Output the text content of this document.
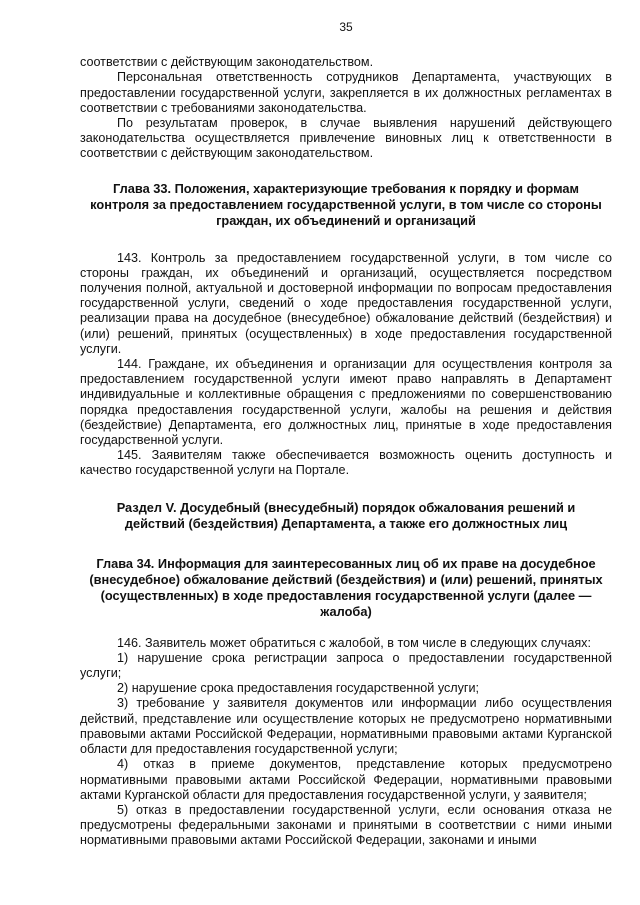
35

соответствии с действующим законодательством.

Персональная ответственность сотрудников Департамента, участвующих в предоставлении государственной услуги, закрепляется в их должностных регламентах в соответствии с требованиями законодательства.

По результатам проверок, в случае выявления нарушений действующего законодательства осуществляется привлечение виновных лиц к ответственности в соответствии с действующим законодательством.

Глава 33. Положения, характеризующие требования к порядку и формам контроля за предоставлением государственной услуги, в том числе со стороны граждан, их объединений и организаций

143. Контроль за предоставлением государственной услуги, в том числе со стороны граждан, их объединений и организаций, осуществляется посредством получения полной, актуальной и достоверной информации по вопросам предоставления государственной услуги, сведений о ходе предоставления государственной услуги, реализации права на досудебное (внесудебное) обжалование действий (бездействия) и (или) решений, принятых (осуществленных) в ходе предоставления государственной услуги.

144. Граждане, их объединения и организации для осуществления контроля за предоставлением государственной услуги имеют право направлять в Департамент индивидуальные и коллективные обращения с предложениями по совершенствованию порядка предоставления государственной услуги, жалобы на решения и действия (бездействие) Департамента, его должностных лиц, принятые в ходе предоставления государственной услуги.

145. Заявителям также обеспечивается возможность оценить доступность и качество государственной услуги на Портале.

Раздел V. Досудебный (внесудебный) порядок обжалования решений и действий (бездействия) Департамента, а также его должностных лиц
Глава 34. Информация для заинтересованных лиц об их праве на досудебное (внесудебное) обжалование действий (бездействия) и (или) решений, принятых (осуществленных) в ходе предоставления государственной услуги (далее — жалоба)

146. Заявитель может обратиться с жалобой, в том числе в следующих случаях:

1) нарушение срока регистрации запроса о предоставлении государственной услуги;

2) нарушение срока предоставления государственной услуги;

3) требование у заявителя документов или информации либо осуществления действий, представление или осуществление которых не предусмотрено нормативными правовыми актами Российской Федерации, нормативными правовыми актами Курганской области для предоставления государственной услуги;

4) отказ в приеме документов, представление которых предусмотрено нормативными правовыми актами Российской Федерации, нормативными правовыми актами Курганской области для предоставления государственной услуги, у заявителя;

5) отказ в предоставлении государственной услуги, если основания отказа не предусмотрены федеральными законами и принятыми в соответствии с ними иными нормативными правовыми актами Российской Федерации, законами и иными
